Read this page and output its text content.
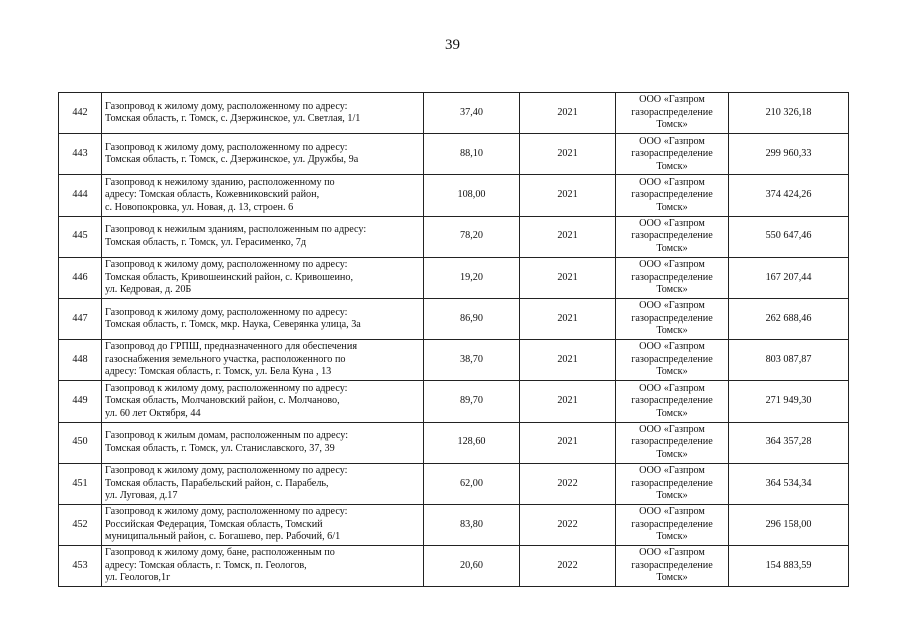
39
442	Газопровод к жилому дому, расположенному по адресу:
Томская область, г. Томск, с. Дзержинское, ул. Светлая, 1/1	37,40	2021	ООО «Газпром
газораспределение
Томск»	210 326,18
443	Газопровод к жилому дому, расположенному по адресу:
Томская область, г. Томск, с. Дзержинское, ул. Дружбы, 9а	88,10	2021	ООО «Газпром
газораспределение
Томск»	299 960,33
444	Газопровод к нежилому зданию, расположенному по
адресу: Томская область, Кожевниковский район,
с. Новопокровка, ул. Новая, д. 13, строен. 6	108,00	2021	ООО «Газпром
газораспределение
Томск»	374 424,26
445	Газопровод к нежилым зданиям, расположенным по адресу:
Томская область, г. Томск, ул. Герасименко, 7д	78,20	2021	ООО «Газпром
газораспределение
Томск»	550 647,46
446	Газопровод к жилому дому, расположенному по адресу:
Томская область, Кривошеинский район, с. Кривошеино,
ул. Кедровая, д. 20Б	19,20	2021	ООО «Газпром
газораспределение
Томск»	167 207,44
447	Газопровод к жилому дому, расположенному по адресу:
Томская область, г. Томск, мкр. Наука, Северянка улица, 3а	86,90	2021	ООО «Газпром
газораспределение
Томск»	262 688,46
448	Газопровод до ГРПШ, предназначенного для обеспечения
газоснабжения земельного участка, расположенного по
адресу: Томская область, г. Томск, ул. Бела Куна , 13	38,70	2021	ООО «Газпром
газораспределение
Томск»	803 087,87
449	Газопровод к жилому дому, расположенному по адресу:
Томская область, Молчановский район, с. Молчаново,
ул. 60 лет Октября, 44	89,70	2021	ООО «Газпром
газораспределение
Томск»	271 949,30
450	Газопровод к жилым домам, расположенным по адресу:
Томская область, г. Томск, ул. Станиславского, 37, 39	128,60	2021	ООО «Газпром
газораспределение
Томск»	364 357,28
451	Газопровод к жилому дому, расположенному по адресу:
Томская область, Парабельский район, с. Парабель,
ул. Луговая, д.17	62,00	2022	ООО «Газпром
газораспределение
Томск»	364 534,34
452	Газопровод к жилому дому, расположенному по адресу:
Российская Федерация, Томская область, Томский
муниципальный район, с. Богашево, пер. Рабочий, 6/1	83,80	2022	ООО «Газпром
газораспределение
Томск»	296 158,00
453	Газопровод к жилому дому, бане, расположенным по
адресу: Томская область, г. Томск, п. Геологов,
ул. Геологов,1г	20,60	2022	ООО «Газпром
газораспределение
Томск»	154 883,59
